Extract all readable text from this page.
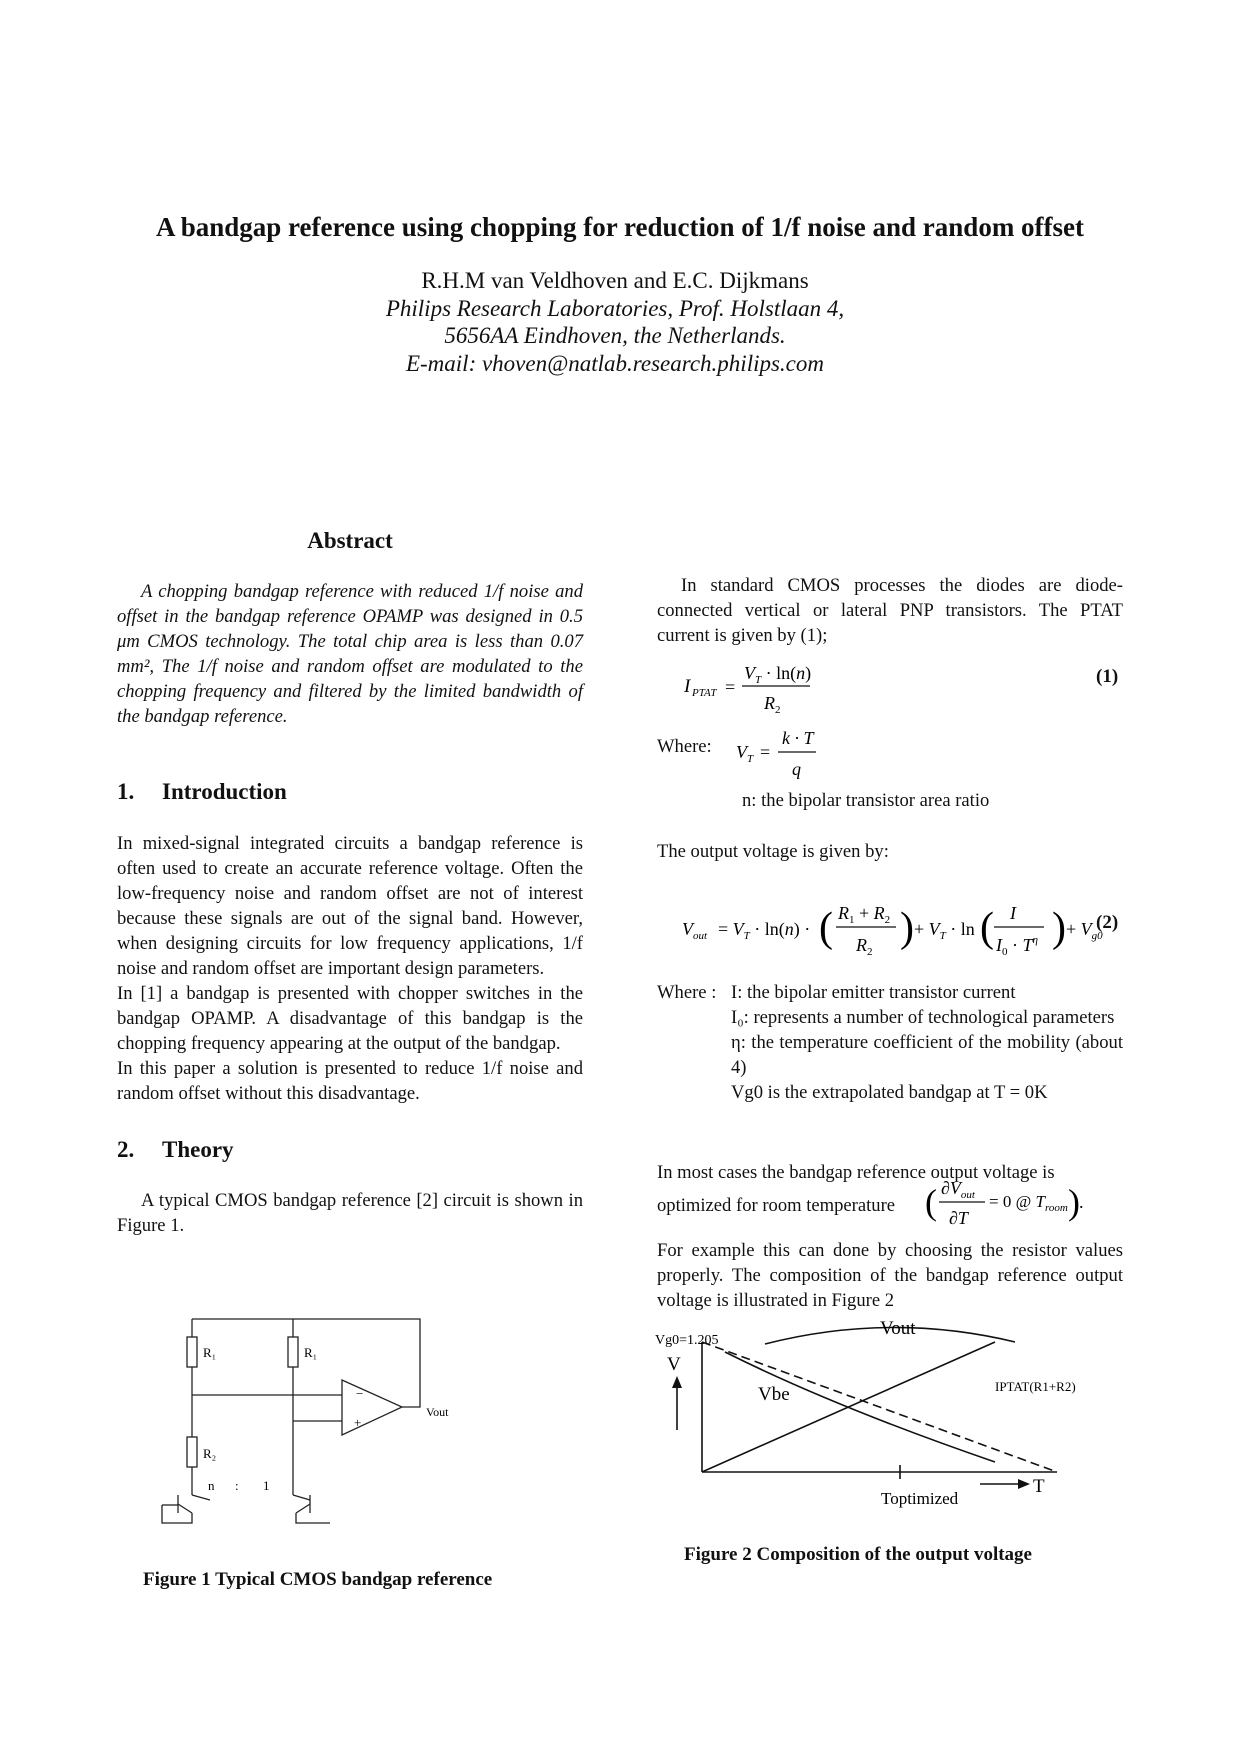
A bandgap reference using chopping for reduction of 1/f noise and random offset
R.H.M van Veldhoven and E.C. Dijkmans
Philips Research Laboratories, Prof. Holstlaan 4,
5656AA Eindhoven, the Netherlands.
E-mail: vhoven@natlab.research.philips.com
Abstract
A chopping bandgap reference with reduced 1/f noise and offset in the bandgap reference OPAMP was designed in 0.5 μm CMOS technology. The total chip area is less than 0.07 mm², The 1/f noise and random offset are modulated to the chopping frequency and filtered by the limited bandwidth of the bandgap reference.
1. Introduction

In mixed-signal integrated circuits a bandgap reference is often used to create an accurate reference voltage. Often the low-frequency noise and random offset are not of interest because these signals are out of the signal band. However, when designing circuits for low frequency applications, 1/f noise and random offset are important design parameters.

In [1] a bandgap is presented with chopper switches in the bandgap OPAMP. A disadvantage of this bandgap is the chopping frequency appearing at the output of the bandgap.

In this paper a solution is presented to reduce 1/f noise and random offset without this disadvantage.

2. Theory

A typical CMOS bandgap reference [2] circuit is shown in Figure 1.

R₁	R₁
R₂
−
+
Vout
n : 1
Figure 1 Typical CMOS bandgap reference
In standard CMOS processes the diodes are diode-connected vertical or lateral PNP transistors. The PTAT current is given by (1);
I PTAT =
$V_T \cdot \ln(n)$
$R_2$
(1)
Where: $V_T$ =
k · T
q
n: the bipolar transistor area ratio
The output voltage is given by:
$V_{out} = V_T \cdot \ln(n)$ · ( $R_1 + R_2$
$R_2$
) + $V_T \cdot \ln$ ( I
$I_0 \cdot T^\eta$ ) + $V_{g0}$
(2)
Where : I: the bipolar emitter transistor current

I₀: represents a number of technological parameters

η: the temperature coefficient of the mobility (about 4)

Vg0 is the extrapolated bandgap at T = 0K

In most cases the bandgap reference output voltage is
optimized for room temperature ( $\partial V_{out}$
∂T
= 0 @ $T_{room}$ ) .
For example this can done by choosing the resistor values properly. The composition of the bandgap reference output voltage is illustrated in Figure 2
Vg0=1.205
V
Vout
Vbe	IPTAT(R1+R2)
T
Toptimized
Figure 2 Composition of the output voltage
